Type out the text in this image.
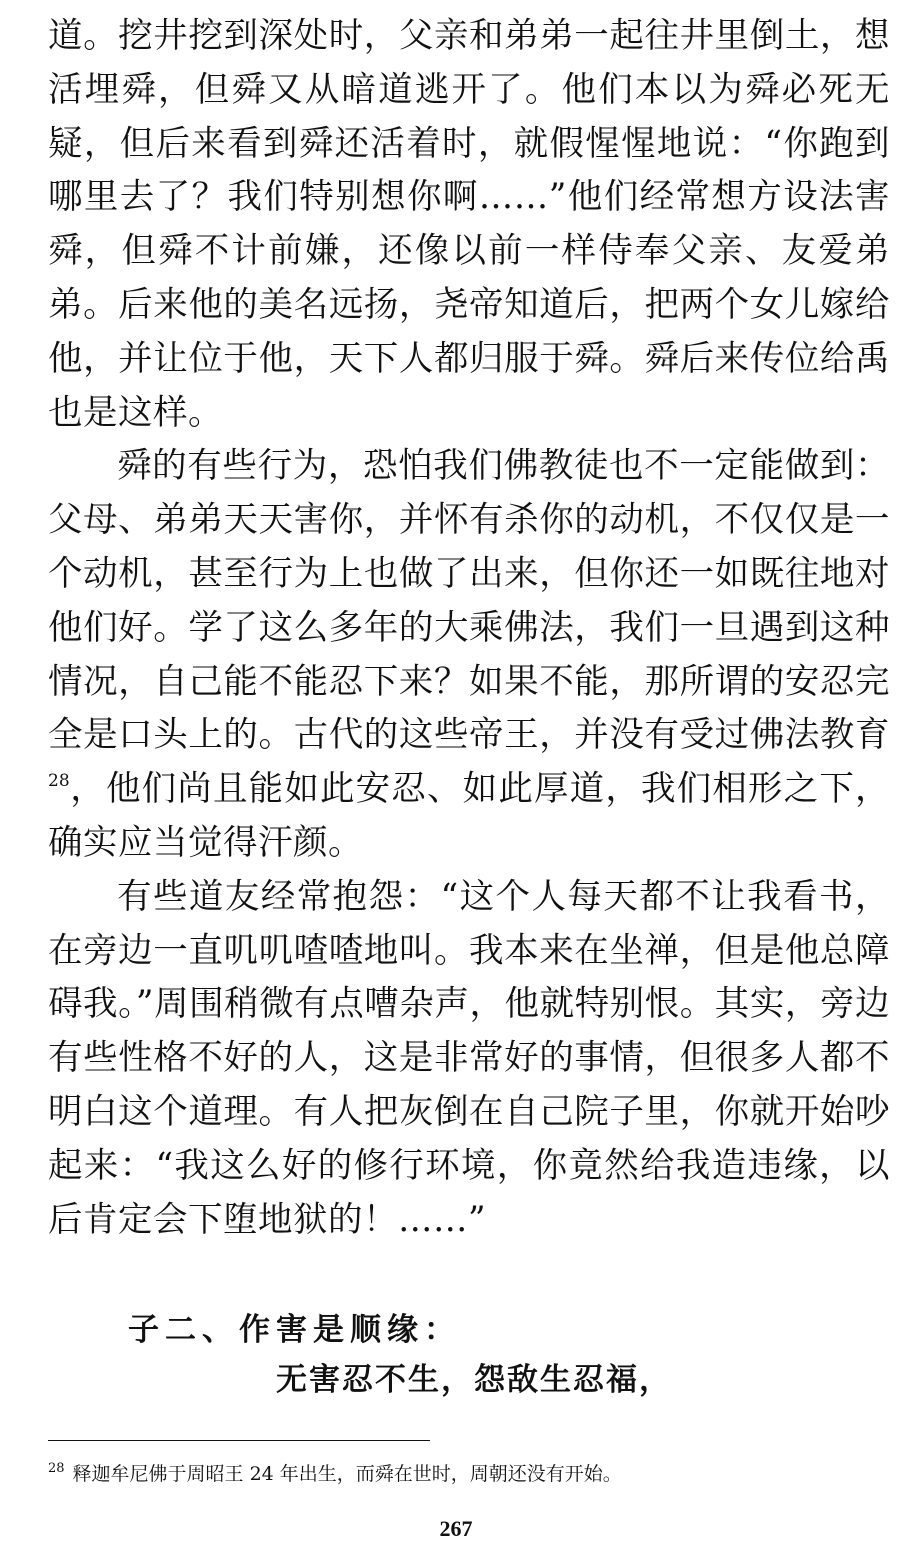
道。挖井挖到深处时，父亲和弟弟一起往井里倒土，想活埋舜，但舜又从暗道逃开了。他们本以为舜必死无疑，但后来看到舜还活着时，就假惺惺地说：“你跑到哪里去了？我们特别想你啊……”他们经常想方设法害舜，但舜不计前嫌，还像以前一样侍奉父亲、友爱弟弟。后来他的美名远扬，尧帝知道后，把两个女儿嫁给他，并让位于他，天下人都归服于舜。舜后来传位给禹也是这样。

舜的有些行为，恐怕我们佛教徒也不一定能做到：父母、弟弟天天害你，并怀有杀你的动机，不仅仅是一个动机，甚至行为上也做了出来，但你还一如既往地对他们好。学了这么多年的大乘佛法，我们一旦遇到这种情况，自己能不能忍下来？如果不能，那所谓的安忍完全是口头上的。古代的这些帝王，并没有受过佛法教育$^{28}$，他们尚且能如此安忍、如此厚道，我们相形之下，确实应当觉得汗颜。

有些道友经常抱怨：“这个人每天都不让我看书，在旁边一直叽叽喳喳地叫。我本来在坐禅，但是他总障碍我。”周围稍微有点嘈杂声，他就特别恨。其实，旁边有些性格不好的人，这是非常好的事情，但很多人都不明白这个道理。有人把灰倒在自己院子里，你就开始吵起来：“我这么好的修行环境，你竟然给我造违缘，以后肯定会下堕地狱的！……”

子二、作害是顺缘：
无害忍不生，怨敌生忍福，
$^{28}$ 释迦牟尼佛于周昭王 24 年出生，而舜在世时，周朝还没有开始。
267
